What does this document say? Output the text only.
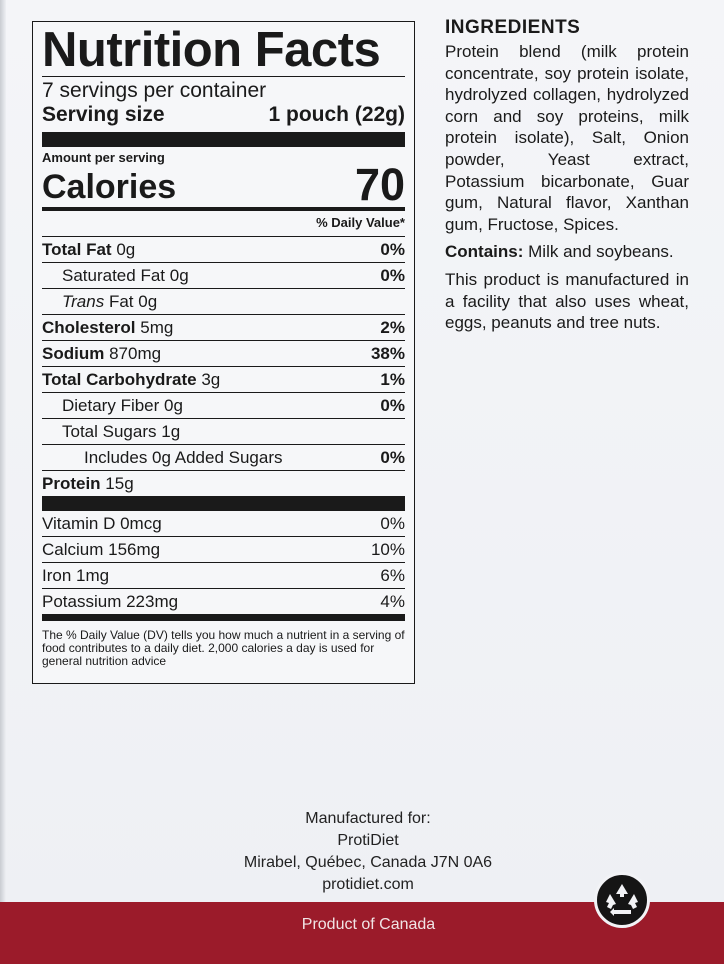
Nutrition Facts
7 servings per container
Serving size	1 pouch (22g)
Amount per serving
Calories	70
% Daily Value*
Total Fat 0g	0%
Saturated Fat 0g	0%
Trans Fat 0g
Cholesterol 5mg	2%
Sodium 870mg	38%
Total Carbohydrate 3g	1%
Dietary Fiber 0g	0%
Total Sugars 1g
Includes 0g Added Sugars	0%
Protein 15g
Vitamin D 0mcg	0%
Calcium 156mg	10%
Iron 1mg	6%
Potassium 223mg	4%
The % Daily Value (DV) tells you how much a nutrient in a serving of food contributes to a daily diet. 2,000 calories a day is used for general nutrition advice
INGREDIENTS
Protein blend (milk protein concentrate, soy protein isolate, hydrolyzed collagen, hydrolyzed corn and soy proteins, milk protein isolate), Salt, Onion powder, Yeast extract, Potassium bicarbonate, Guar gum, Natural flavor, Xanthan gum, Fructose, Spices.
Contains: Milk and soybeans.
This product is manufactured in a facility that also uses wheat, eggs, peanuts and tree nuts.
Manufactured for:
ProtiDiet
Mirabel, Québec, Canada J7N 0A6
protidiet.com
Product of Canada
